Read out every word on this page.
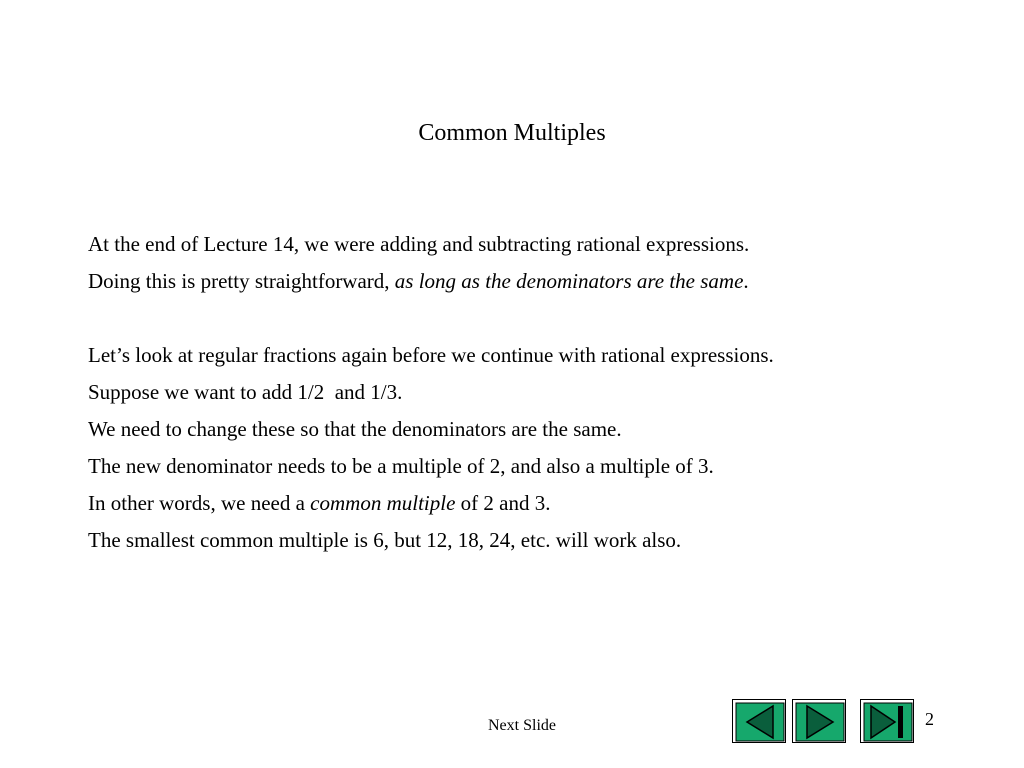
Common Multiples
At the end of Lecture 14, we were adding and subtracting rational expressions.
Doing this is pretty straightforward, as long as the denominators are the same.
Let’s look at regular fractions again before we continue with rational expressions.
Suppose we want to add 1/2  and 1/3.
We need to change these so that the denominators are the same.
The new denominator needs to be a multiple of 2, and also a multiple of 3.
In other words, we need a common multiple of 2 and 3.
The smallest common multiple is 6, but 12, 18, 24, etc. will work also.
Next Slide	2
